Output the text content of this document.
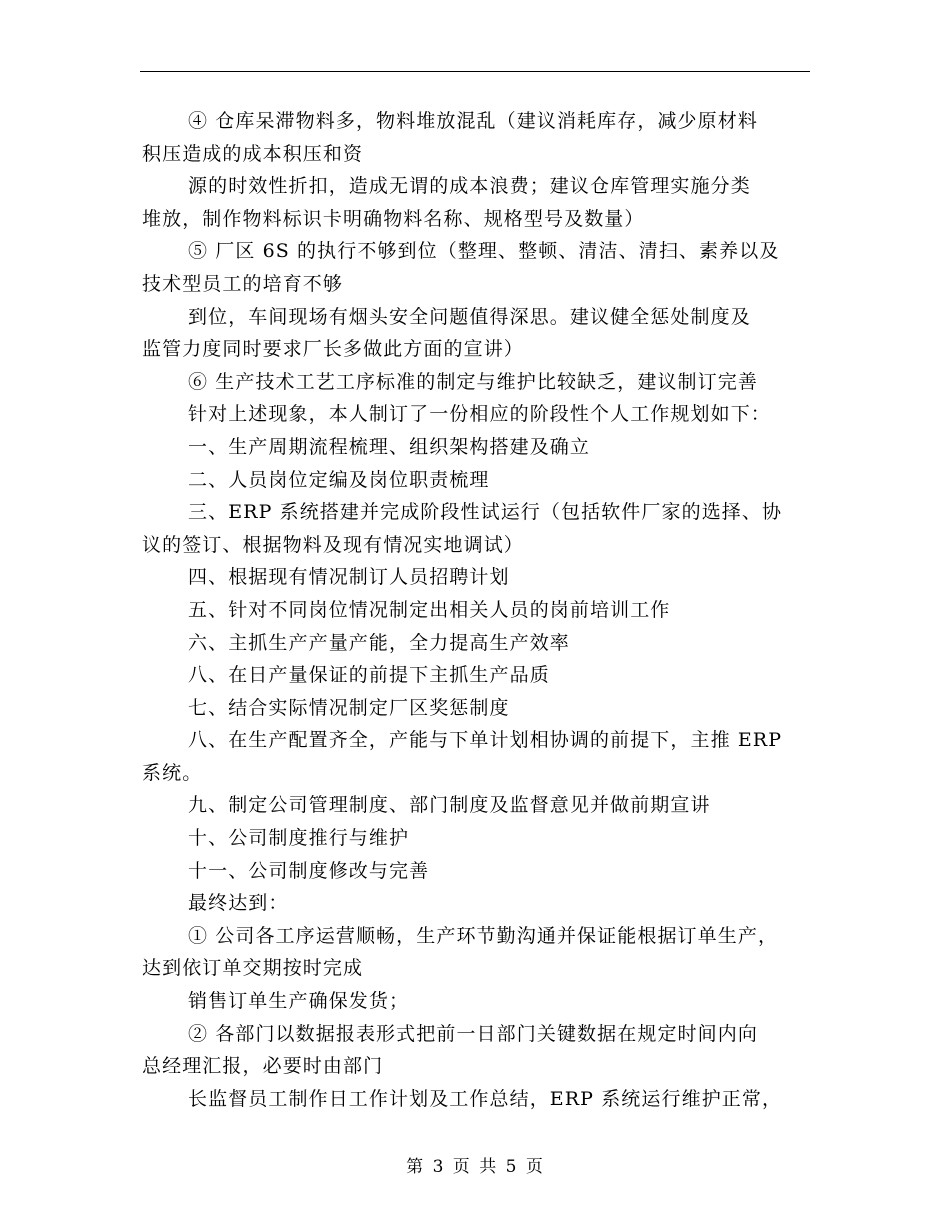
④ 仓库呆滞物料多，物料堆放混乱（建议消耗库存，减少原材料
积压造成的成本积压和资
源的时效性折扣，造成无谓的成本浪费；建议仓库管理实施分类
堆放，制作物料标识卡明确物料名称、规格型号及数量）
⑤ 厂区 6S 的执行不够到位（整理、整顿、清洁、清扫、素养以及
技术型员工的培育不够
到位，车间现场有烟头安全问题值得深思。建议健全惩处制度及
监管力度同时要求厂长多做此方面的宣讲）
⑥ 生产技术工艺工序标准的制定与维护比较缺乏，建议制订完善
针对上述现象，本人制订了一份相应的阶段性个人工作规划如下：
一、生产周期流程梳理、组织架构搭建及确立
二、人员岗位定编及岗位职责梳理
三、ERP 系统搭建并完成阶段性试运行（包括软件厂家的选择、协
议的签订、根据物料及现有情况实地调试）
四、根据现有情况制订人员招聘计划
五、针对不同岗位情况制定出相关人员的岗前培训工作
六、主抓生产产量产能，全力提高生产效率
八、在日产量保证的前提下主抓生产品质
七、结合实际情况制定厂区奖惩制度
八、在生产配置齐全，产能与下单计划相协调的前提下，主推 ERP
系统。
九、制定公司管理制度、部门制度及监督意见并做前期宣讲
十、公司制度推行与维护
十一、公司制度修改与完善
最终达到：
① 公司各工序运营顺畅，生产环节勤沟通并保证能根据订单生产，
达到依订单交期按时完成
销售订单生产确保发货；
② 各部门以数据报表形式把前一日部门关键数据在规定时间内向
总经理汇报，必要时由部门
长监督员工制作日工作计划及工作总结，ERP 系统运行维护正常，
第 3 页 共 5 页
